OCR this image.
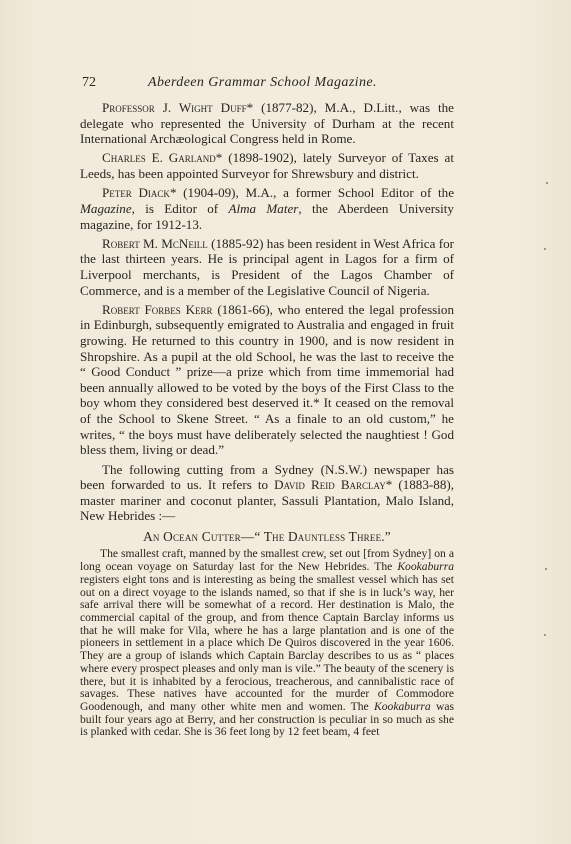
72	Aberdeen Grammar School Magazine.

Professor J. Wight Duff* (1877-82), M.A., D.Litt., was the delegate who represented the University of Durham at the recent International Archæological Congress held in Rome.

Charles E. Garland* (1898-1902), lately Surveyor of Taxes at Leeds, has been appointed Surveyor for Shrewsbury and district.

Peter Diack* (1904-09), M.A., a former School Editor of the Magazine, is Editor of Alma Mater, the Aberdeen University magazine, for 1912-13.

Robert M. McNeill (1885-92) has been resident in West Africa for the last thirteen years. He is principal agent in Lagos for a firm of Liverpool merchants, is President of the Lagos Chamber of Commerce, and is a member of the Legislative Council of Nigeria.

Robert Forbes Kerr (1861-66), who entered the legal profession in Edinburgh, subsequently emigrated to Australia and engaged in fruit growing. He returned to this country in 1900, and is now resident in Shropshire. As a pupil at the old School, he was the last to receive the “ Good Conduct ” prize—a prize which from time immemorial had been annually allowed to be voted by the boys of the First Class to the boy whom they considered best deserved it.* It ceased on the removal of the School to Skene Street. “ As a finale to an old custom,” he writes, “ the boys must have deliberately selected the naughtiest ! God bless them, living or dead.”

The following cutting from a Sydney (N.S.W.) newspaper has been forwarded to us. It refers to David Reid Barclay* (1883-88), master mariner and coconut planter, Sassuli Plantation, Malo Island, New Hebrides :—

An Ocean Cutter—“ The Dauntless Three.”

The smallest craft, manned by the smallest crew, set out [from Sydney] on a long ocean voyage on Saturday last for the New Hebrides. The Kookaburra registers eight tons and is interesting as being the smallest vessel which has set out on a direct voyage to the islands named, so that if she is in luck’s way, her safe arrival there will be somewhat of a record. Her destination is Malo, the commercial capital of the group, and from thence Captain Barclay informs us that he will make for Vila, where he has a large plantation and is one of the pioneers in settlement in a place which De Quiros discovered in the year 1606. They are a group of islands which Captain Barclay describes to us as “ places where every prospect pleases and only man is vile.” The beauty of the scenery is there, but it is inhabited by a ferocious, treacherous, and cannibalistic race of savages. These natives have accounted for the murder of Commodore Goodenough, and many other white men and women. The Kookaburra was built four years ago at Berry, and her construction is peculiar in so much as she is planked with cedar. She is 36 feet long by 12 feet beam, 4 feet
